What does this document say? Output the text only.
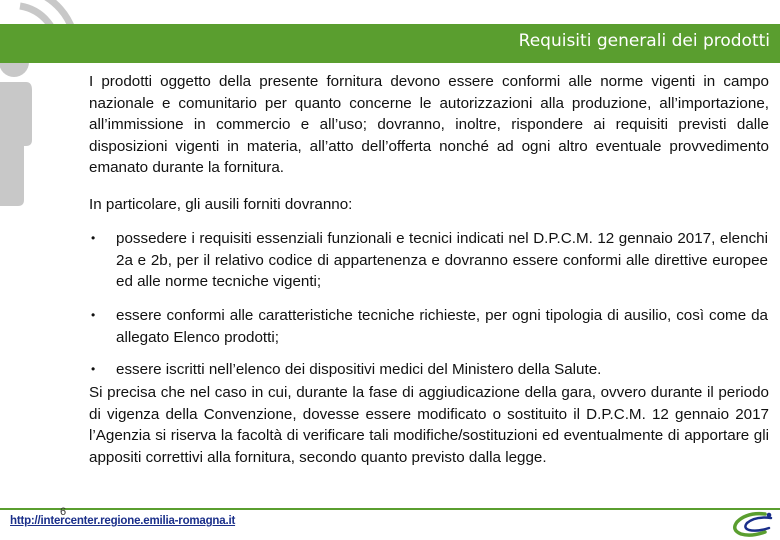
Requisiti generali dei prodotti
I prodotti oggetto della presente fornitura devono essere conformi alle norme vigenti in campo nazionale e comunitario per quanto concerne le autorizzazioni alla produzione, all’importazione, all’immissione in commercio e all’uso; dovranno, inoltre, rispondere ai requisiti previsti dalle disposizioni vigenti in materia, all’atto dell’offerta nonché ad ogni altro eventuale provvedimento emanato durante la fornitura.
In particolare, gli ausili forniti dovranno:
• possedere i requisiti essenziali funzionali e tecnici indicati nel D.P.C.M. 12 gennaio 2017, elenchi 2a e 2b, per il relativo codice di appartenenza e dovranno essere conformi alle direttive europee ed alle norme tecniche vigenti;
• essere conformi alle caratteristiche tecniche richieste, per ogni tipologia di ausilio, così come da allegato Elenco prodotti;
• essere iscritti nell’elenco dei dispositivi medici del Ministero della Salute.
Si precisa che nel caso in cui, durante la fase di aggiudicazione della gara, ovvero durante il periodo di vigenza della Convenzione, dovesse essere modificato o sostituito il D.P.C.M. 12 gennaio 2017 l’Agenzia si riserva la facoltà di verificare tali modifiche/sostituzioni ed eventualmente di apportare gli appositi correttivi alla fornitura, secondo quanto previsto dalla legge.
6
http://intercenter.regione.emilia-romagna.it
